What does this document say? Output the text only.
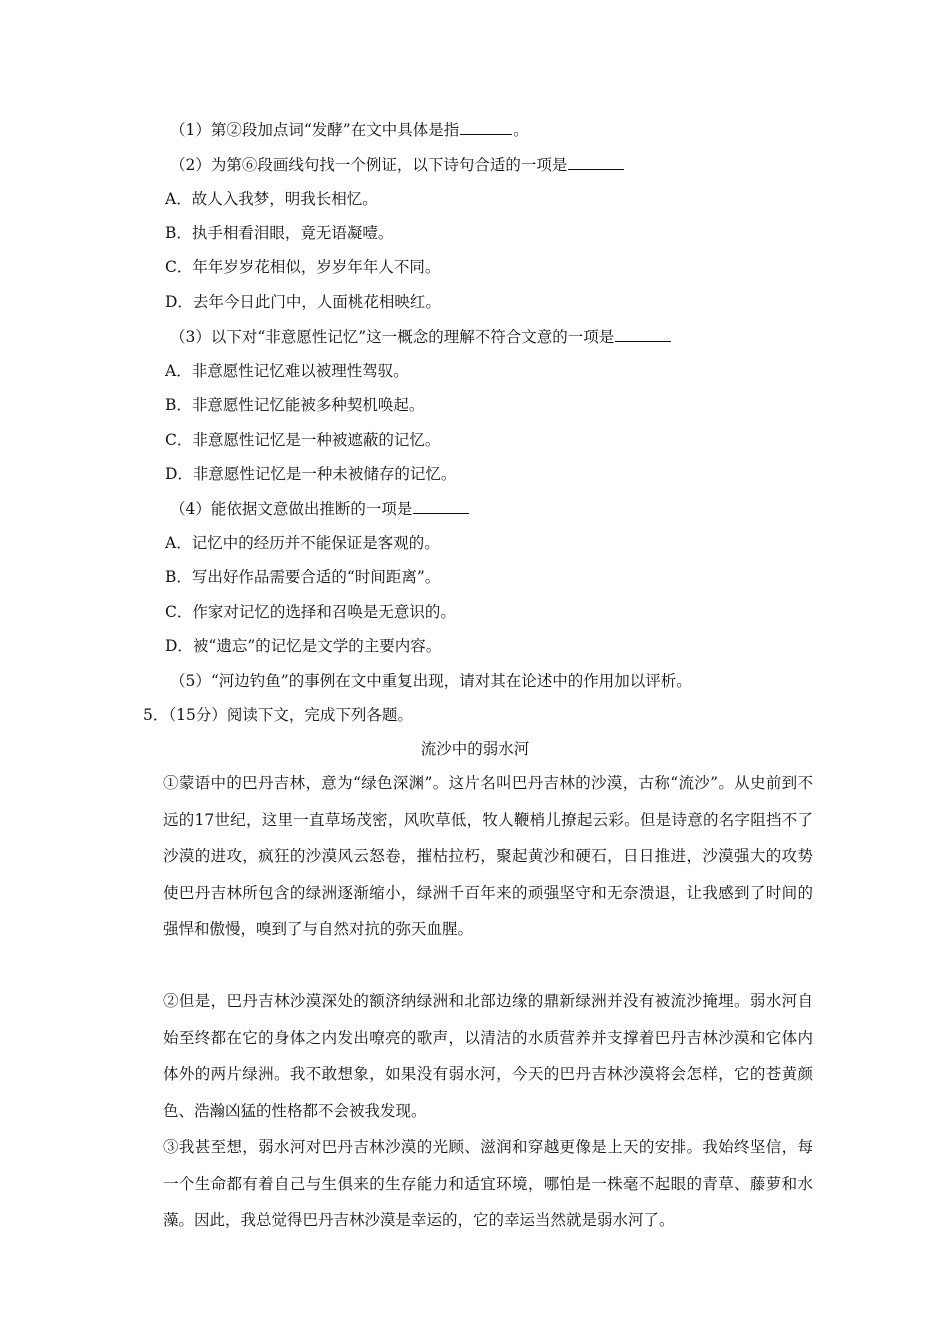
（1）第②段加点词“发酵”在文中具体是指	。
（2）为第⑥段画线句找一个例证，以下诗句合适的一项是
A．故人入我梦，明我长相忆。
B．执手相看泪眼，竟无语凝噎。
C．年年岁岁花相似，岁岁年年人不同。
D．去年今日此门中，人面桃花相映红。
（3）以下对“非意愿性记忆”这一概念的理解不符合文意的一项是
A．非意愿性记忆难以被理性驾驭。
B．非意愿性记忆能被多种契机唤起。
C．非意愿性记忆是一种被遮蔽的记忆。
D．非意愿性记忆是一种未被储存的记忆。
（4）能依据文意做出推断的一项是
A．记忆中的经历并不能保证是客观的。
B．写出好作品需要合适的“时间距离”。
C．作家对记忆的选择和召唤是无意识的。
D．被“遗忘”的记忆是文学的主要内容。
（5）“河边钓鱼”的事例在文中重复出现，请对其在论述中的作用加以评析。
5．（15分）阅读下文，完成下列各题。
流沙中的弱水河
①蒙语中的巴丹吉林，意为“绿色深渊”。这片名叫巴丹吉林的沙漠，古称“流沙”。从史前到不远的17世纪，这里一直草场茂密，风吹草低，牧人鞭梢儿撩起云彩。但是诗意的名字阻挡不了沙漠的进攻，疯狂的沙漠风云怒卷，摧枯拉朽，聚起黄沙和硬石，日日推进，沙漠强大的攻势使巴丹吉林所包含的绿洲逐渐缩小，绿洲千百年来的顽强坚守和无奈溃退，让我感到了时间的强悍和傲慢，嗅到了与自然对抗的弥天血腥。
②但是，巴丹吉林沙漠深处的额济纳绿洲和北部边缘的鼎新绿洲并没有被流沙掩埋。弱水河自始至终都在它的身体之内发出嘹亮的歌声，以清洁的水质营养并支撑着巴丹吉林沙漠和它体内体外的两片绿洲。我不敢想象，如果没有弱水河，今天的巴丹吉林沙漠将会怎样，它的苍黄颜色、浩瀚凶猛的性格都不会被我发现。
③我甚至想，弱水河对巴丹吉林沙漠的光顾、滋润和穿越更像是上天的安排。我始终坚信，每一个生命都有着自己与生俱来的生存能力和适宜环境，哪怕是一株毫不起眼的青草、藤萝和水藻。因此，我总觉得巴丹吉林沙漠是幸运的，它的幸运当然就是弱水河了。
